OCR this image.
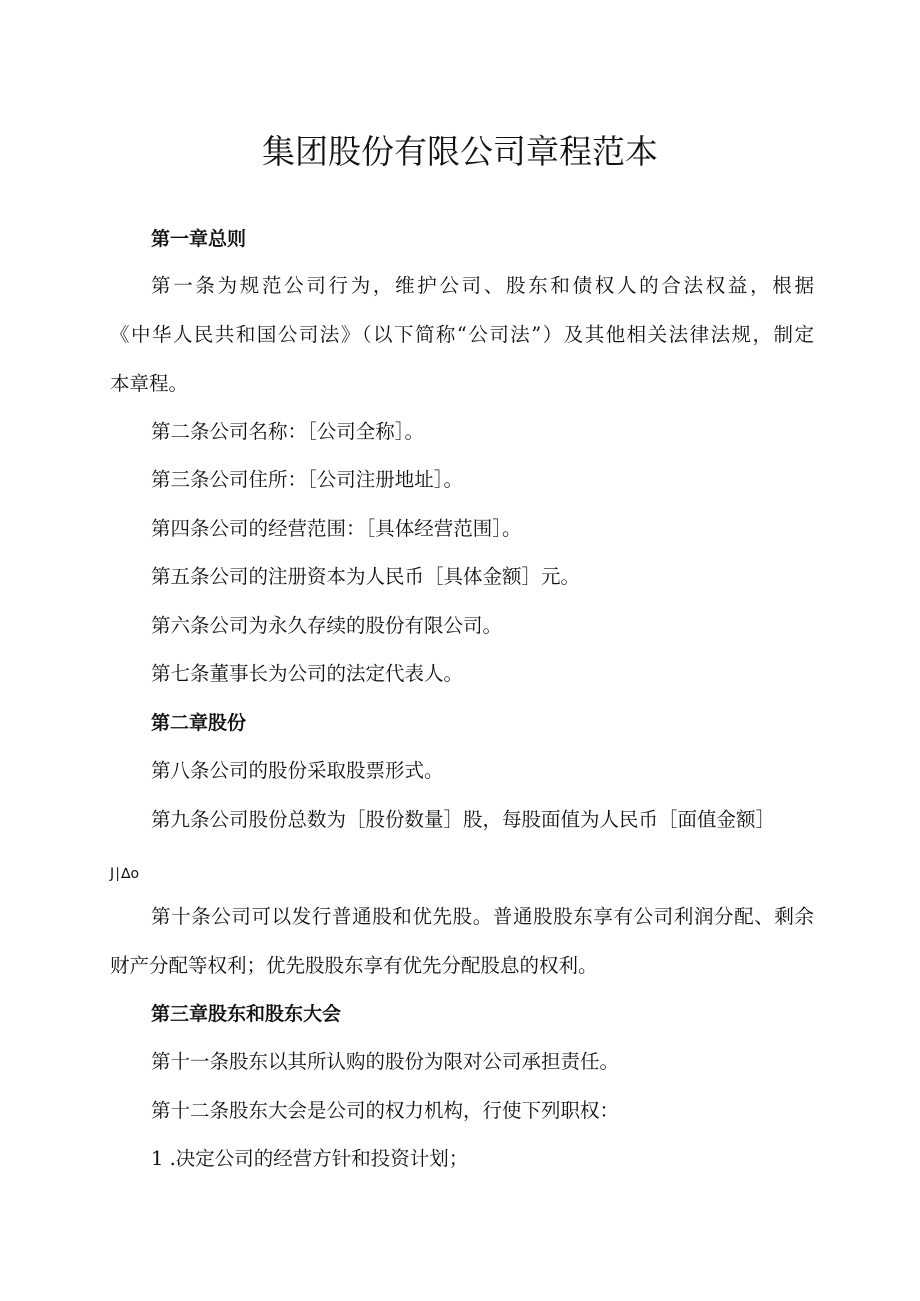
集团股份有限公司章程范本
第一章总则
第一条为规范公司行为，维护公司、股东和债权人的合法权益，根据
《中华人民共和国公司法》（以下简称“公司法”）及其他相关法律法规，制定
本章程。
第二条公司名称：［公司全称］。
第三条公司住所：［公司注册地址］。
第四条公司的经营范围：［具体经营范围］。
第五条公司的注册资本为人民币［具体金额］元。
第六条公司为永久存续的股份有限公司。
第七条董事长为公司的法定代表人。
第二章股份
第八条公司的股份采取股票形式。
第九条公司股份总数为［股份数量］股，每股面值为人民币［面值金额］
J∣∆o
第十条公司可以发行普通股和优先股。普通股股东享有公司利润分配、剩余
财产分配等权利；优先股股东享有优先分配股息的权利。
第三章股东和股东大会
第十一条股东以其所认购的股份为限对公司承担责任。
第十二条股东大会是公司的权力机构，行使下列职权：
1 .决定公司的经营方针和投资计划；
